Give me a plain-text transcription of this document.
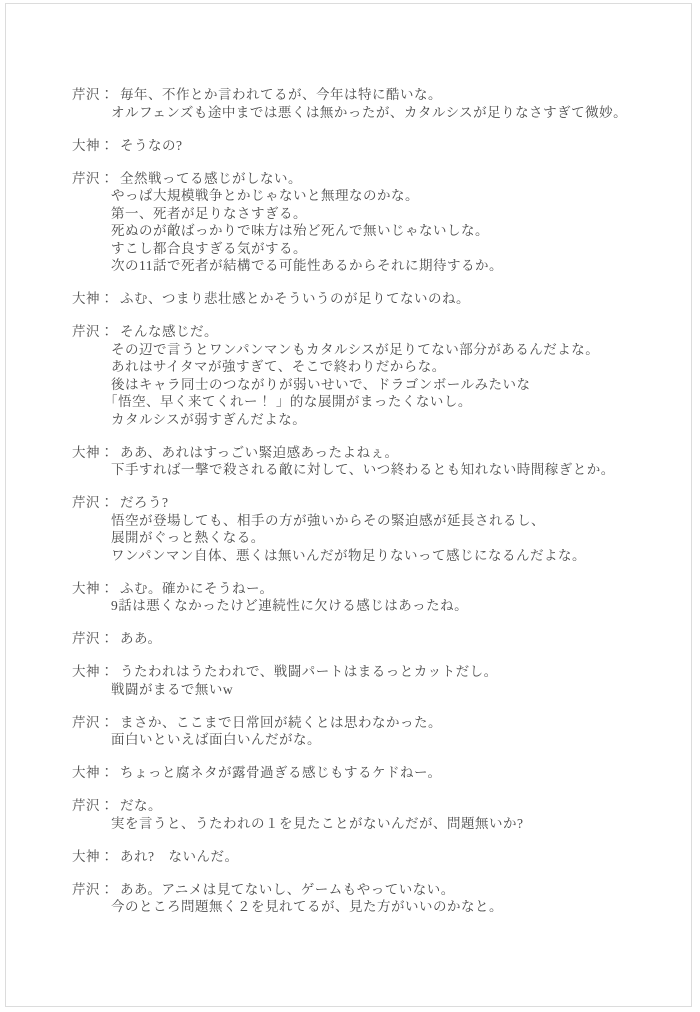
芹沢： 毎年、不作とか言われてるが、今年は特に酷いな。
オルフェンズも途中までは悪くは無かったが、カタルシスが足りなさすぎて微妙。
大神： そうなの?
芹沢： 全然戦ってる感じがしない。
やっぱ大規模戦争とかじゃないと無理なのかな。
第一、死者が足りなさすぎる。
死ぬのが敵ばっかりで味方は殆ど死んで無いじゃないしな。
すこし都合良すぎる気がする。
次の11話で死者が結構でる可能性あるからそれに期待するか。
大神： ふむ、つまり悲壮感とかそういうのが足りてないのね。
芹沢： そんな感じだ。
その辺で言うとワンパンマンもカタルシスが足りてない部分があるんだよな。
あれはサイタマが強すぎて、そこで終わりだからな。
後はキャラ同士のつながりが弱いせいで、ドラゴンボールみたいな
「悟空、早く来てくれー！ 」的な展開がまったくないし。
カタルシスが弱すぎんだよな。
大神： ああ、あれはすっごい緊迫感あったよねぇ。
下手すれば一撃で殺される敵に対して、いつ終わるとも知れない時間稼ぎとか。
芹沢： だろう?
悟空が登場しても、相手の方が強いからその緊迫感が延長されるし、
展開がぐっと熱くなる。
ワンパンマン自体、悪くは無いんだが物足りないって感じになるんだよな。
大神： ふむ。確かにそうねー。
9話は悪くなかったけど連続性に欠ける感じはあったね。
芹沢： ああ。
大神： うたわれはうたわれで、戦闘パートはまるっとカットだし。
戦闘がまるで無いw
芹沢： まさか、ここまで日常回が続くとは思わなかった。
面白いといえば面白いんだがな。
大神： ちょっと腐ネタが露骨過ぎる感じもするケドねー。
芹沢： だな。
実を言うと、うたわれの１を見たことがないんだが、問題無いか?
大神： あれ?　ないんだ。
芹沢： ああ。アニメは見てないし、ゲームもやっていない。
今のところ問題無く２を見れてるが、見た方がいいのかなと。
